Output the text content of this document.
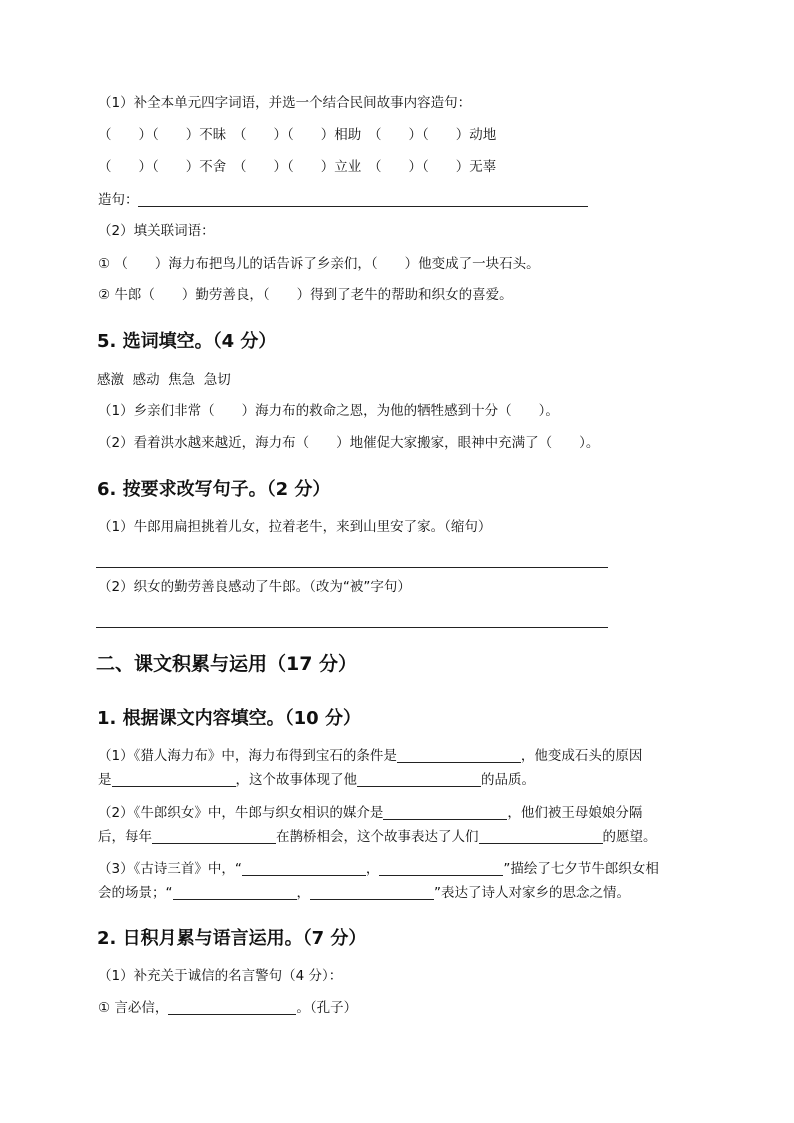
（1）补全本单元四字词语，并选一个结合民间故事内容造句：
（　　）（　　）不昧　（　　）（　　）相助　（　　）（　　）动地
（　　）（　　）不舍　（　　）（　　）立业　（　　）（　　）无辜
造句：
（2）填关联词语：
① （　　）海力布把鸟儿的话告诉了乡亲们，（　　）他变成了一块石头。
② 牛郎（　　）勤劳善良，（　　）得到了老牛的帮助和织女的喜爱。
5. 选词填空。（4 分）
感激  感动  焦急  急切
（1）乡亲们非常（　　）海力布的救命之恩，为他的牺牲感到十分（　　）。
（2）看着洪水越来越近，海力布（　　）地催促大家搬家，眼神中充满了（　　）。
6. 按要求改写句子。（2 分）
（1）牛郎用扁担挑着儿女，拉着老牛，来到山里安了家。（缩句）
（2）织女的勤劳善良感动了牛郎。（改为“被”字句）
二、课文积累与运用（17 分）
1. 根据课文内容填空。（10 分）
（1）《猎人海力布》中，海力布得到宝石的条件是	，他变成石头的原因
是	，这个故事体现了他	的品质。
（2）《牛郎织女》中，牛郎与织女相识的媒介是	，他们被王母娘娘分隔
后，每年	在鹊桥相会，这个故事表达了人们	的愿望。
（3）《古诗三首》中，“	，	”描绘了七夕节牛郎织女相
会的场景；“	，	”表达了诗人对家乡的思念之情。
2. 日积月累与语言运用。（7 分）
（1）补充关于诚信的名言警句（4 分）：
① 言必信，	。（孔子）
